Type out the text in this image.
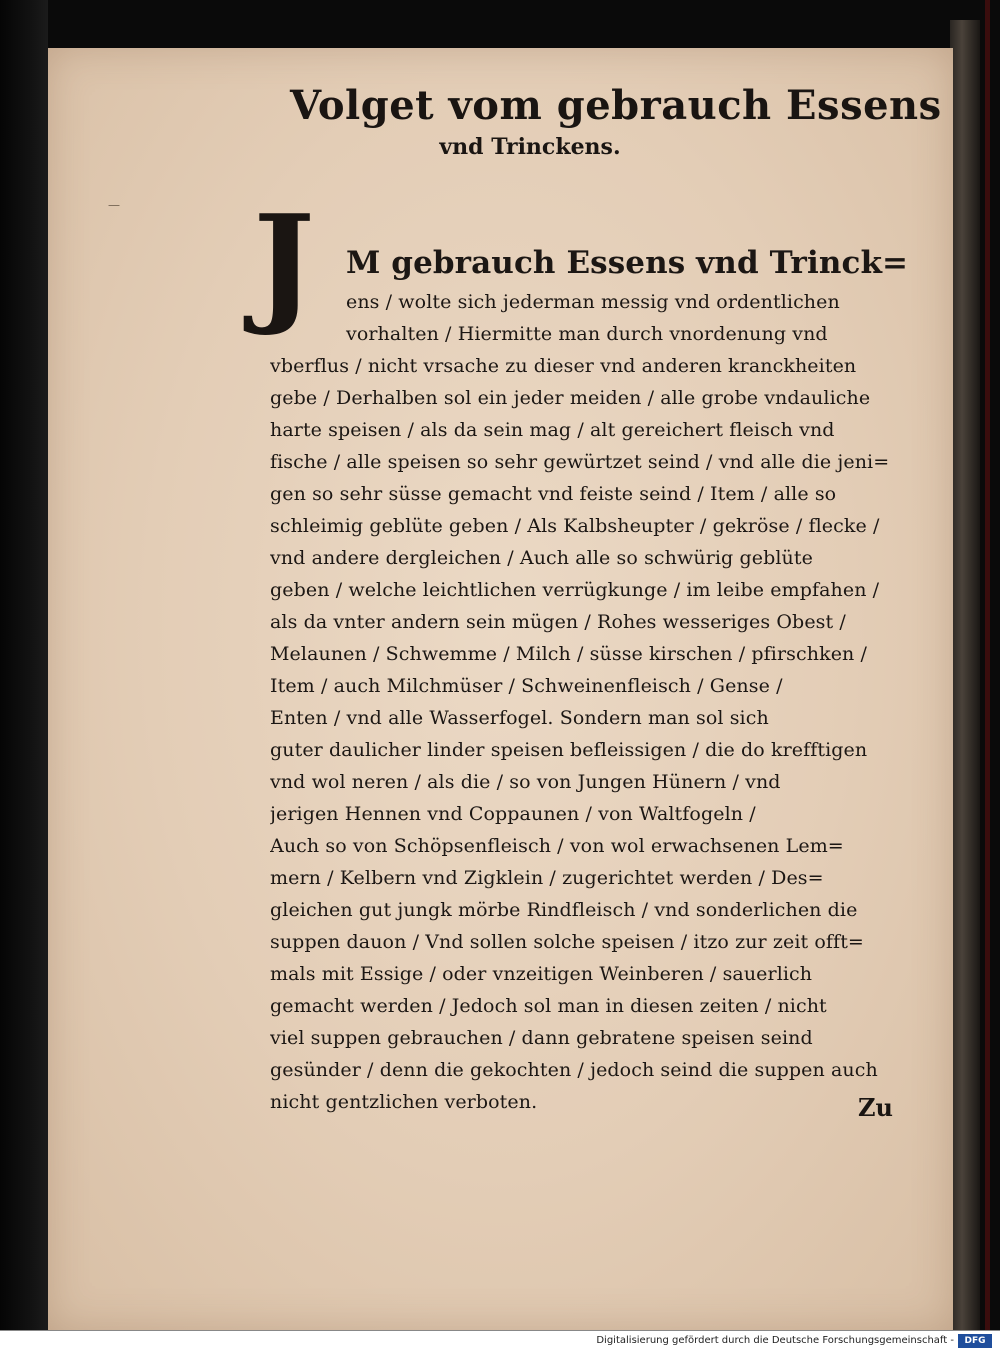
—
Volget vom gebrauch Essens
vnd Trinckens.
J	M gebrauch Essens vnd Trinck=
ens / wolte sich jederman messig vnd ordentlichen
vorhalten / Hiermitte man durch vnordenung vnd
vberflus / nicht vrsache zu dieser vnd anderen kranckheiten
gebe / Derhalben sol ein jeder meiden / alle grobe vndauliche
harte speisen / als da sein mag / alt gereichert fleisch vnd
fische / alle speisen so sehr gewürtzet seind / vnd alle die jeni=
gen so sehr süsse gemacht vnd feiste seind / Item / alle so
schleimig geblüte geben / Als Kalbsheupter / gekröse / flecke /
vnd andere dergleichen / Auch alle so schwürig geblüte
geben / welche leichtlichen verrügkunge / im leibe empfahen /
als da vnter andern sein mügen / Rohes wesseriges Obest /
Melaunen / Schwemme / Milch / süsse kirschen / pfirschken /
Item / auch Milchmüser / Schweinenfleisch / Gense /
Enten / vnd alle Wasserfogel. Sondern man sol sich
guter daulicher linder speisen befleissigen / die do krefftigen
vnd wol neren / als die / so von Jungen Hünern / vnd
jerigen Hennen vnd Coppaunen / von Waltfogeln /
Auch so von Schöpsenfleisch / von wol erwachsenen Lem=
mern / Kelbern vnd Zigklein / zugerichtet werden / Des=
gleichen gut jungk mörbe Rindfleisch / vnd sonderlichen die
suppen dauon / Vnd sollen solche speisen / itzo zur zeit offt=
mals mit Essige / oder vnzeitigen Weinberen / sauerlich
gemacht werden / Jedoch sol man in diesen zeiten / nicht
viel suppen gebrauchen / dann gebratene speisen seind
gesünder / denn die gekochten / jedoch seind die suppen auch
nicht gentzlichen verboten.	Zu
Digitalisierung gefördert durch die Deutsche Forschungsgemeinschaft -	DFG
